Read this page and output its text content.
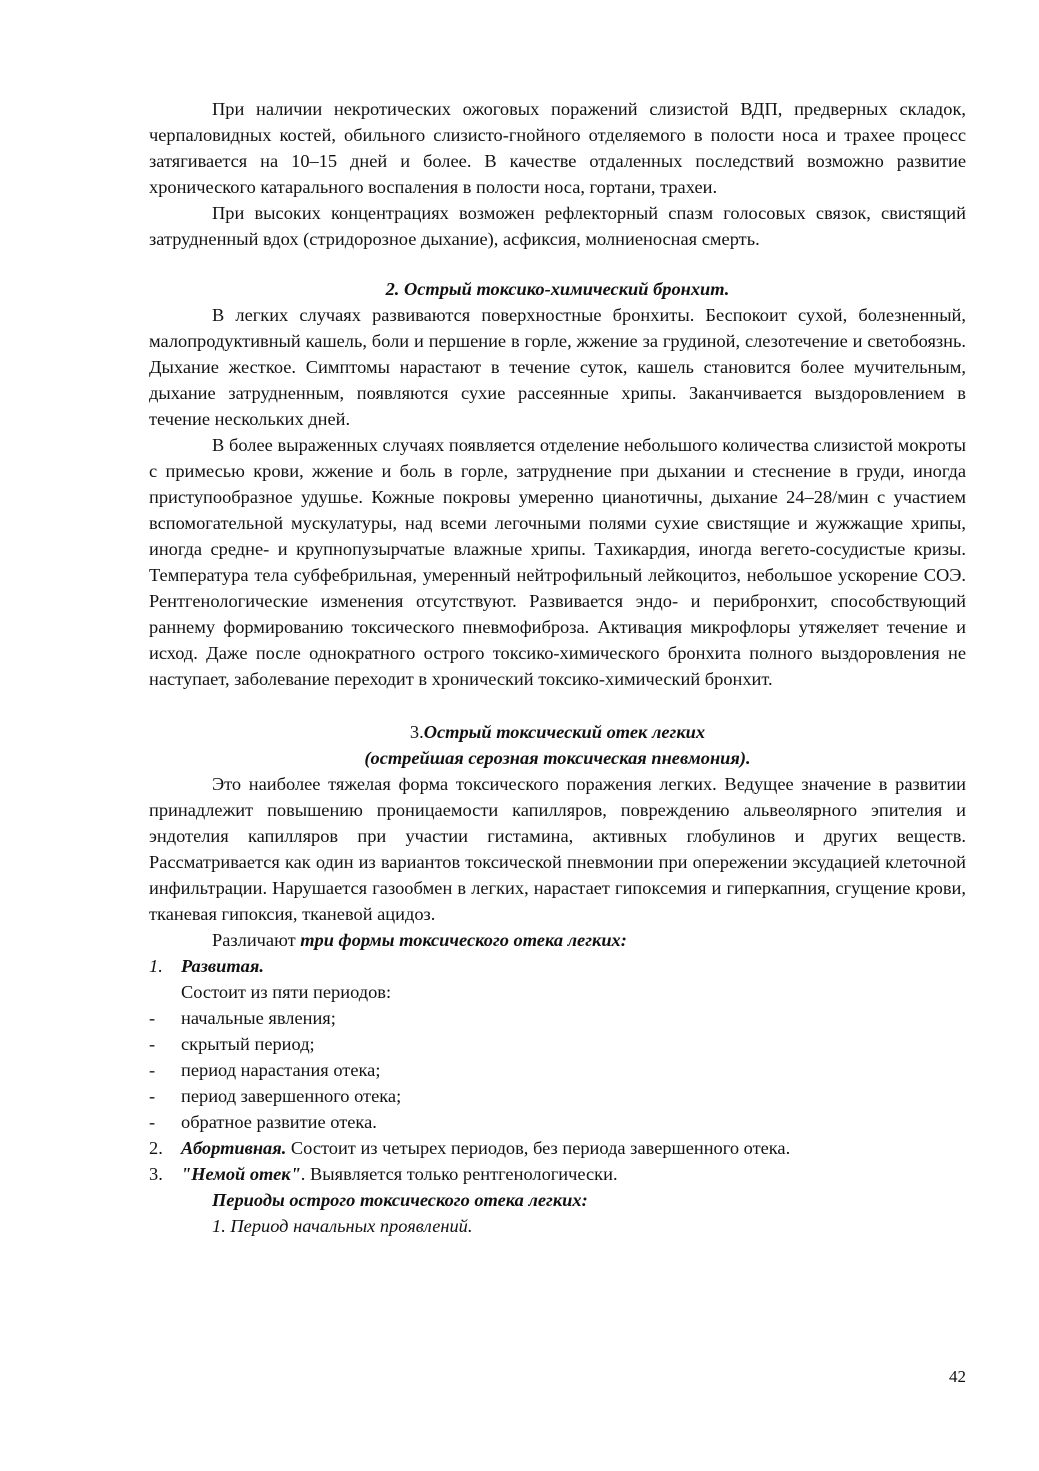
При наличии некротических ожоговых поражений слизистой ВДП, предверных складок, черпаловидных костей, обильного слизисто-гнойного отделяемого в полости носа и трахее процесс затягивается на 10–15 дней и более. В качестве отдаленных последствий возможно развитие хронического катарального воспаления в полости носа, гортани, трахеи.

При высоких концентрациях возможен рефлекторный спазм голосовых связок, свистящий затрудненный вдох (стридорозное дыхание), асфиксия, молниеносная смерть.

2. Острый токсико-химический бронхит.

В легких случаях развиваются поверхностные бронхиты. Беспокоит сухой, болезненный, малопродуктивный кашель, боли и першение в горле, жжение за грудиной, слезотечение и светобоязнь. Дыхание жесткое. Симптомы нарастают в течение суток, кашель становится более мучительным, дыхание затрудненным, появляются сухие рассеянные хрипы. Заканчивается выздоровлением в течение нескольких дней.

В более выраженных случаях появляется отделение небольшого количества слизистой мокроты с примесью крови, жжение и боль в горле, затруднение при дыхании и стеснение в груди, иногда приступообразное удушье. Кожные покровы умеренно цианотичны, дыхание 24–28/мин с участием вспомогательной мускулатуры, над всеми легочными полями сухие свистящие и жужжащие хрипы, иногда средне- и крупнопузырчатые влажные хрипы. Тахикардия, иногда вегето-сосудистые кризы. Температура тела субфебрильная, умеренный нейтрофильный лейкоцитоз, небольшое ускорение СОЭ. Рентгенологические изменения отсутствуют. Развивается эндо- и перибронхит, способствующий раннему формированию токсического пневмофиброза. Активация микрофлоры утяжеляет течение и исход. Даже после однократного острого токсико-химического бронхита полного выздоровления не наступает, заболевание переходит в хронический токсико-химический бронхит.

3.Острый токсический отек легких

(острейшая серозная токсическая пневмония).

Это наиболее тяжелая форма токсического поражения легких. Ведущее значение в развитии принадлежит повышению проницаемости капилляров, повреждению альвеолярного эпителия и эндотелия капилляров при участии гистамина, активных глобулинов и других веществ. Рассматривается как один из вариантов токсической пневмонии при опережении эксудацией клеточной инфильтрации. Нарушается газообмен в легких, нарастает гипоксемия и гиперкапния, сгущение крови, тканевая гипоксия, тканевой ацидоз.

Различают три формы токсического отека легких:

1. Развитая.
Состоит из пяти периодов:
-	начальные явления;
-	скрытый период;
-	период нарастания отека;
-	период завершенного отека;
-	обратное развитие отека.
2. Абортивная. Состоит из четырех периодов, без периода завершенного отека.
3. "Немой отек". Выявляется только рентгенологически.
Периоды острого токсического отека легких:
1. Период начальных проявлений.
42
